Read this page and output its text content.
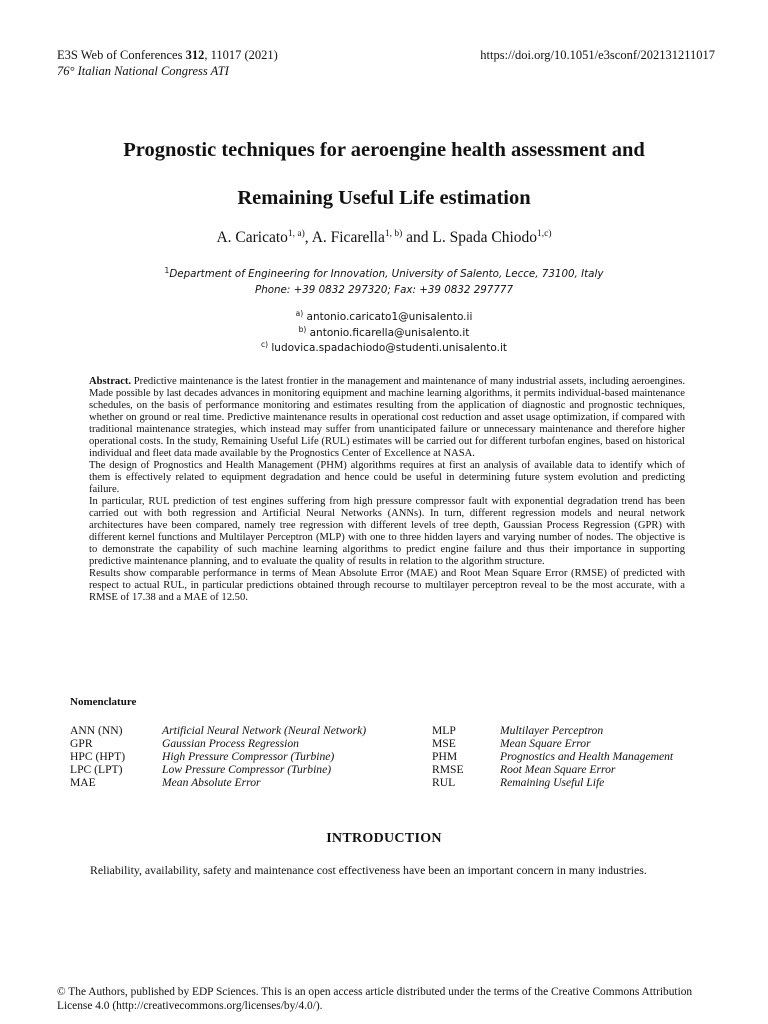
E3S Web of Conferences 312, 11017 (2021)
76° Italian National Congress ATI
https://doi.org/10.1051/e3sconf/202131211017
Prognostic techniques for aeroengine health assessment and
Remaining Useful Life estimation
A. Caricato$^{1, a)}$, A. Ficarella$^{1, b)}$ and L. Spada Chiodo$^{1,c)}$
$^1$Department of Engineering for Innovation, University of Salento, Lecce, 73100, Italy
Phone: +39 0832 297320; Fax: +39 0832 297777
$^{a)}$ antonio.caricato1@unisalento.ii
$^{b)}$ antonio.ficarella@unisalento.it
$^{c)}$ ludovica.spadachiodo@studenti.unisalento.it

Abstract. Predictive maintenance is the latest frontier in the management and maintenance of many industrial assets, including aeroengines. Made possible by last decades advances in monitoring equipment and machine learning algorithms, it permits individual-based maintenance schedules, on the basis of performance monitoring and estimates resulting from the application of diagnostic and prognostic techniques, whether on ground or real time. Predictive maintenance results in operational cost reduction and asset usage optimization, if compared with traditional maintenance strategies, which instead may suffer from unanticipated failure or unnecessary maintenance and therefore higher operational costs. In the study, Remaining Useful Life (RUL) estimates will be carried out for different turbofan engines, based on historical individual and fleet data made available by the Prognostics Center of Excellence at NASA.

The design of Prognostics and Health Management (PHM) algorithms requires at first an analysis of available data to identify which of them is effectively related to equipment degradation and hence could be useful in determining future system evolution and predicting failure.

In particular, RUL prediction of test engines suffering from high pressure compressor fault with exponential degradation trend has been carried out with both regression and Artificial Neural Networks (ANNs). In turn, different regression models and neural network architectures have been compared, namely tree regression with different levels of tree depth, Gaussian Process Regression (GPR) with different kernel functions and Multilayer Perceptron (MLP) with one to three hidden layers and varying number of nodes. The objective is to demonstrate the capability of such machine learning algorithms to predict engine failure and thus their importance in supporting predictive maintenance planning, and to evaluate the quality of results in relation to the algorithm structure.

Results show comparable performance in terms of Mean Absolute Error (MAE) and Root Mean Square Error (RMSE) of predicted with respect to actual RUL, in particular predictions obtained through recourse to multilayer perceptron reveal to be the most accurate, with a RMSE of 17.38 and a MAE of 12.50.

Nomenclature
ANN (NN)	Artificial Neural Network (Neural Network)
GPR	Gaussian Process Regression
HPC (HPT)	High Pressure Compressor (Turbine)
LPC (LPT)	Low Pressure Compressor (Turbine)
MAE	Mean Absolute Error
MLP	Multilayer Perceptron
MSE	Mean Square Error
PHM	Prognostics and Health Management
RMSE	Root Mean Square Error
RUL	Remaining Useful Life
INTRODUCTION
Reliability, availability, safety and maintenance cost effectiveness have been an important concern in many industries.
© The Authors, published by EDP Sciences. This is an open access article distributed under the terms of the Creative Commons Attribution License 4.0 (http://creativecommons.org/licenses/by/4.0/).
